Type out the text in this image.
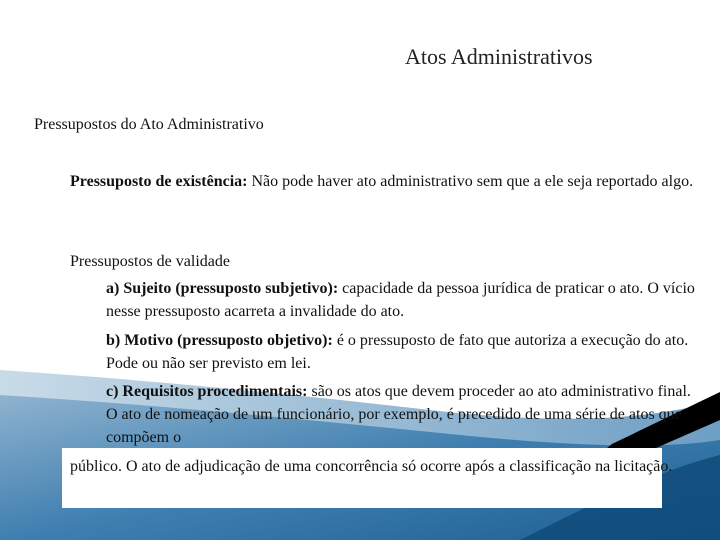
Atos Administrativos
Pressupostos do Ato Administrativo
Pressuposto de existência: Não pode haver ato administrativo sem que a ele seja reportado algo.
Pressupostos de validade
a) Sujeito (pressuposto subjetivo): capacidade da pessoa jurídica de praticar o ato. O vício nesse pressuposto acarreta a invalidade do ato.
b) Motivo (pressuposto objetivo): é o pressuposto de fato que autoriza a execução do ato. Pode ou não ser previsto em lei.
c) Requisitos procedimentais: são os atos que devem proceder ao ato administrativo final. O ato de nomeação de um funcionário, por exemplo, é precedido de uma série de atos que compõem o
público. O ato de adjudicação de uma concorrência só ocorre após a classificação na licitação.
